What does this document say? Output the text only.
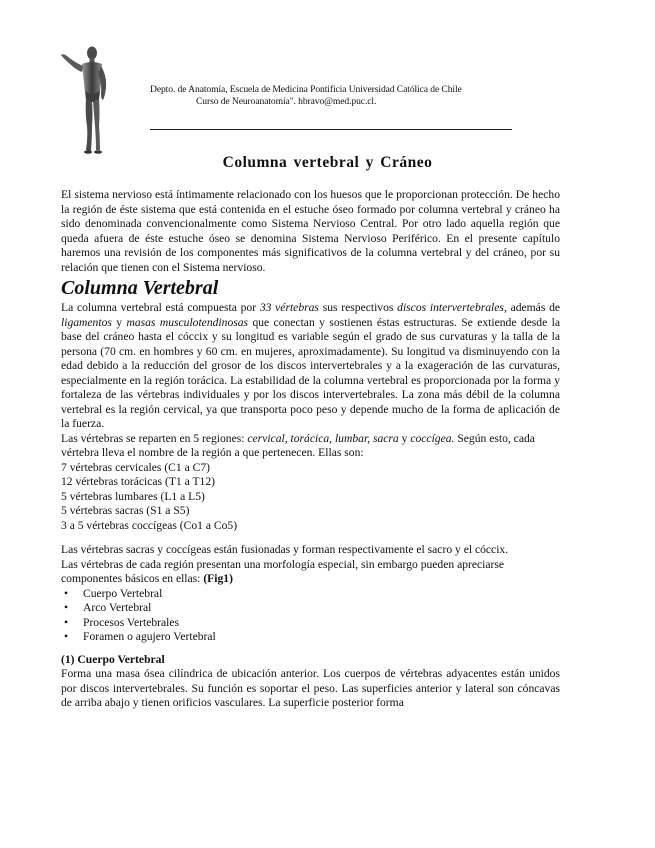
Depto. de Anatomía, Escuela de Medicina Pontificia Universidad Católica de Chile
Curso de Neuroanatomía". hbravo@med.puc.cl.
Columna vertebral y Cráneo

El sistema nervioso está íntimamente relacionado con los huesos que le proporcionan protección. De hecho la región de éste sistema que está contenida en el estuche óseo formado por columna vertebral y cráneo ha sido denominada convencionalmente como Sistema Nervioso Central. Por otro lado aquella región que queda afuera de éste estuche óseo se denomina Sistema Nervioso Periférico. En el presente capítulo haremos una revisión de los componentes más significativos de la columna vertebral y del cráneo, por su relación que tienen con el Sistema nervioso.

Columna Vertebral

La columna vertebral está compuesta por 33 vértebras sus respectivos discos intervertebrales, además de ligamentos y masas musculotendinosas que conectan y sostienen éstas estructuras. Se extiende desde la base del cráneo hasta el cóccix y su longitud es variable según el grado de sus curvaturas y la talla de la persona (70 cm. en hombres y 60 cm. en mujeres, aproximadamente). Su longitud va disminuyendo con la edad debido a la reducción del grosor de los discos intervertebrales y a la exageración de las curvaturas, especialmente en la región torácica. La estabilidad de la columna vertebral es proporcionada por la forma y fortaleza de las vértebras individuales y por los discos intervertebrales. La zona más débil de la columna vertebral es la región cervical, ya que transporta poco peso y depende mucho de la forma de aplicación de la fuerza.

Las vértebras se reparten en 5 regiones: cervical, torácica, lumbar, sacra y coccígea. Según esto, cada vértebra lleva el nombre de la región a que pertenecen. Ellas son:

7 vértebras cervicales (C1 a C7)
12 vértebras torácicas (T1 a T12)
5 vértebras lumbares (L1 a L5)
5 vértebras sacras (S1 a S5)
3 a 5 vértebras coccígeas (Co1 a Co5)

Las vértebras sacras y coccígeas están fusionadas y forman respectivamente el sacro y el cóccix.

Las vértebras de cada región presentan una morfología especial, sin embargo pueden apreciarse componentes básicos en ellas: (Fig1)

• Cuerpo Vertebral
• Arco Vertebral
• Procesos Vertebrales
• Foramen o agujero Vertebral
(1) Cuerpo Vertebral

Forma una masa ósea cilíndrica de ubicación anterior. Los cuerpos de vértebras adyacentes están unidos por discos intervertebrales. Su función es soportar el peso. Las superficies anterior y lateral son cóncavas de arriba abajo y tienen orificios vasculares. La superficie posterior forma
